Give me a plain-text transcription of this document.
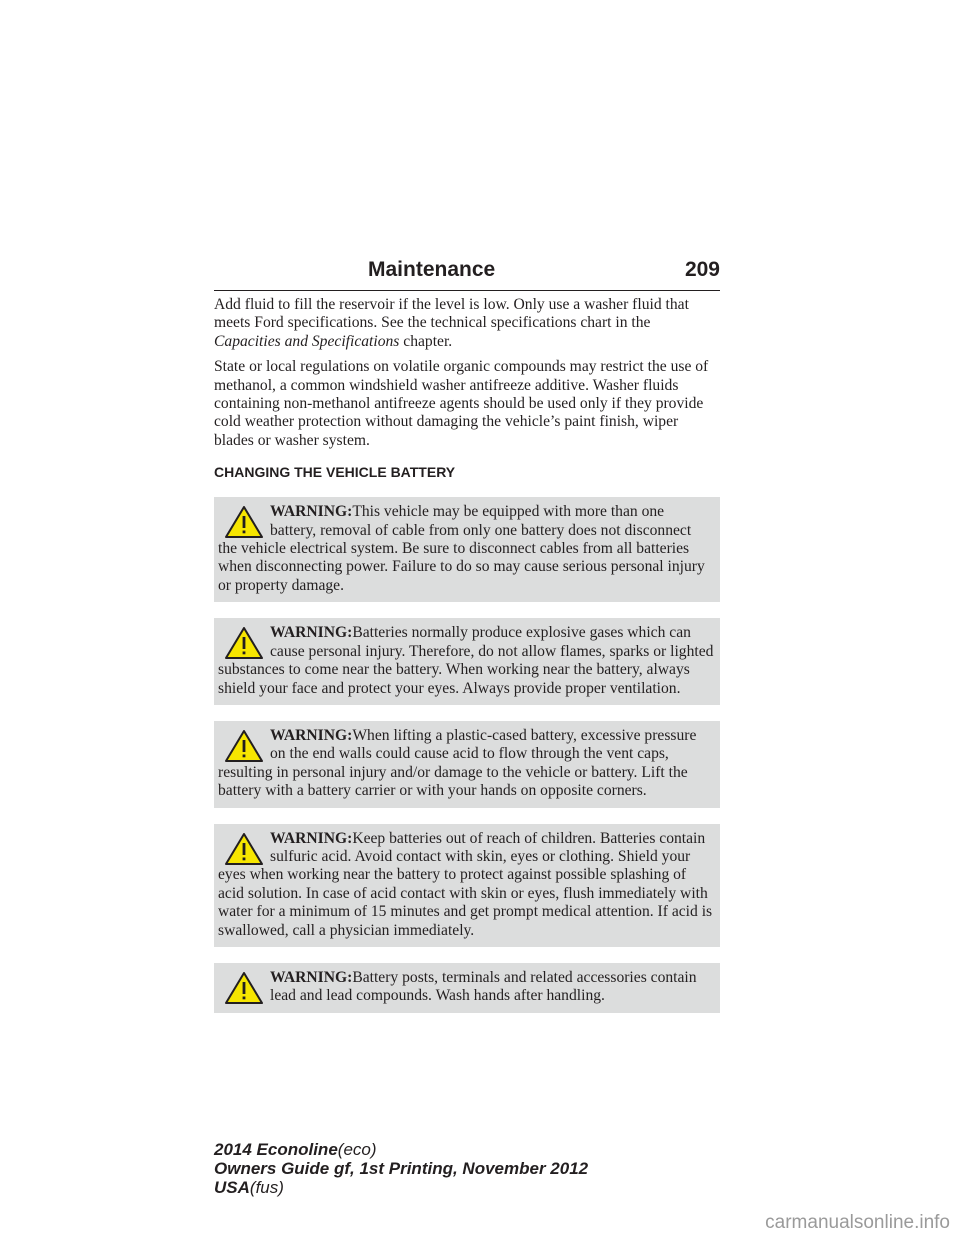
Maintenance	209

Add fluid to fill the reservoir if the level is low. Only use a washer fluid that meets Ford specifications. See the technical specifications chart in the Capacities and Specifications chapter.

State or local regulations on volatile organic compounds may restrict the use of methanol, a common windshield washer antifreeze additive. Washer fluids containing non-methanol antifreeze agents should be used only if they provide cold weather protection without damaging the vehicle’s paint finish, wiper blades or washer system.

CHANGING THE VEHICLE BATTERY
WARNING:This vehicle may be equipped with more than one battery, removal of cable from only one battery does not disconnect the vehicle electrical system. Be sure to disconnect cables from all batteries when disconnecting power. Failure to do so may cause serious personal injury or property damage.
WARNING:Batteries normally produce explosive gases which can cause personal injury. Therefore, do not allow flames, sparks or lighted substances to come near the battery. When working near the battery, always shield your face and protect your eyes. Always provide proper ventilation.
WARNING:When lifting a plastic-cased battery, excessive pressure on the end walls could cause acid to flow through the vent caps, resulting in personal injury and/or damage to the vehicle or battery. Lift the battery with a battery carrier or with your hands on opposite corners.
WARNING:Keep batteries out of reach of children. Batteries contain sulfuric acid. Avoid contact with skin, eyes or clothing. Shield your eyes when working near the battery to protect against possible splashing of acid solution. In case of acid contact with skin or eyes, flush immediately with water for a minimum of 15 minutes and get prompt medical attention. If acid is swallowed, call a physician immediately.
WARNING:Battery posts, terminals and related accessories contain lead and lead compounds. Wash hands after handling.
2014 Econoline(eco)
Owners Guide gf, 1st Printing, November 2012
USA(fus)
carmanualsonline.info
